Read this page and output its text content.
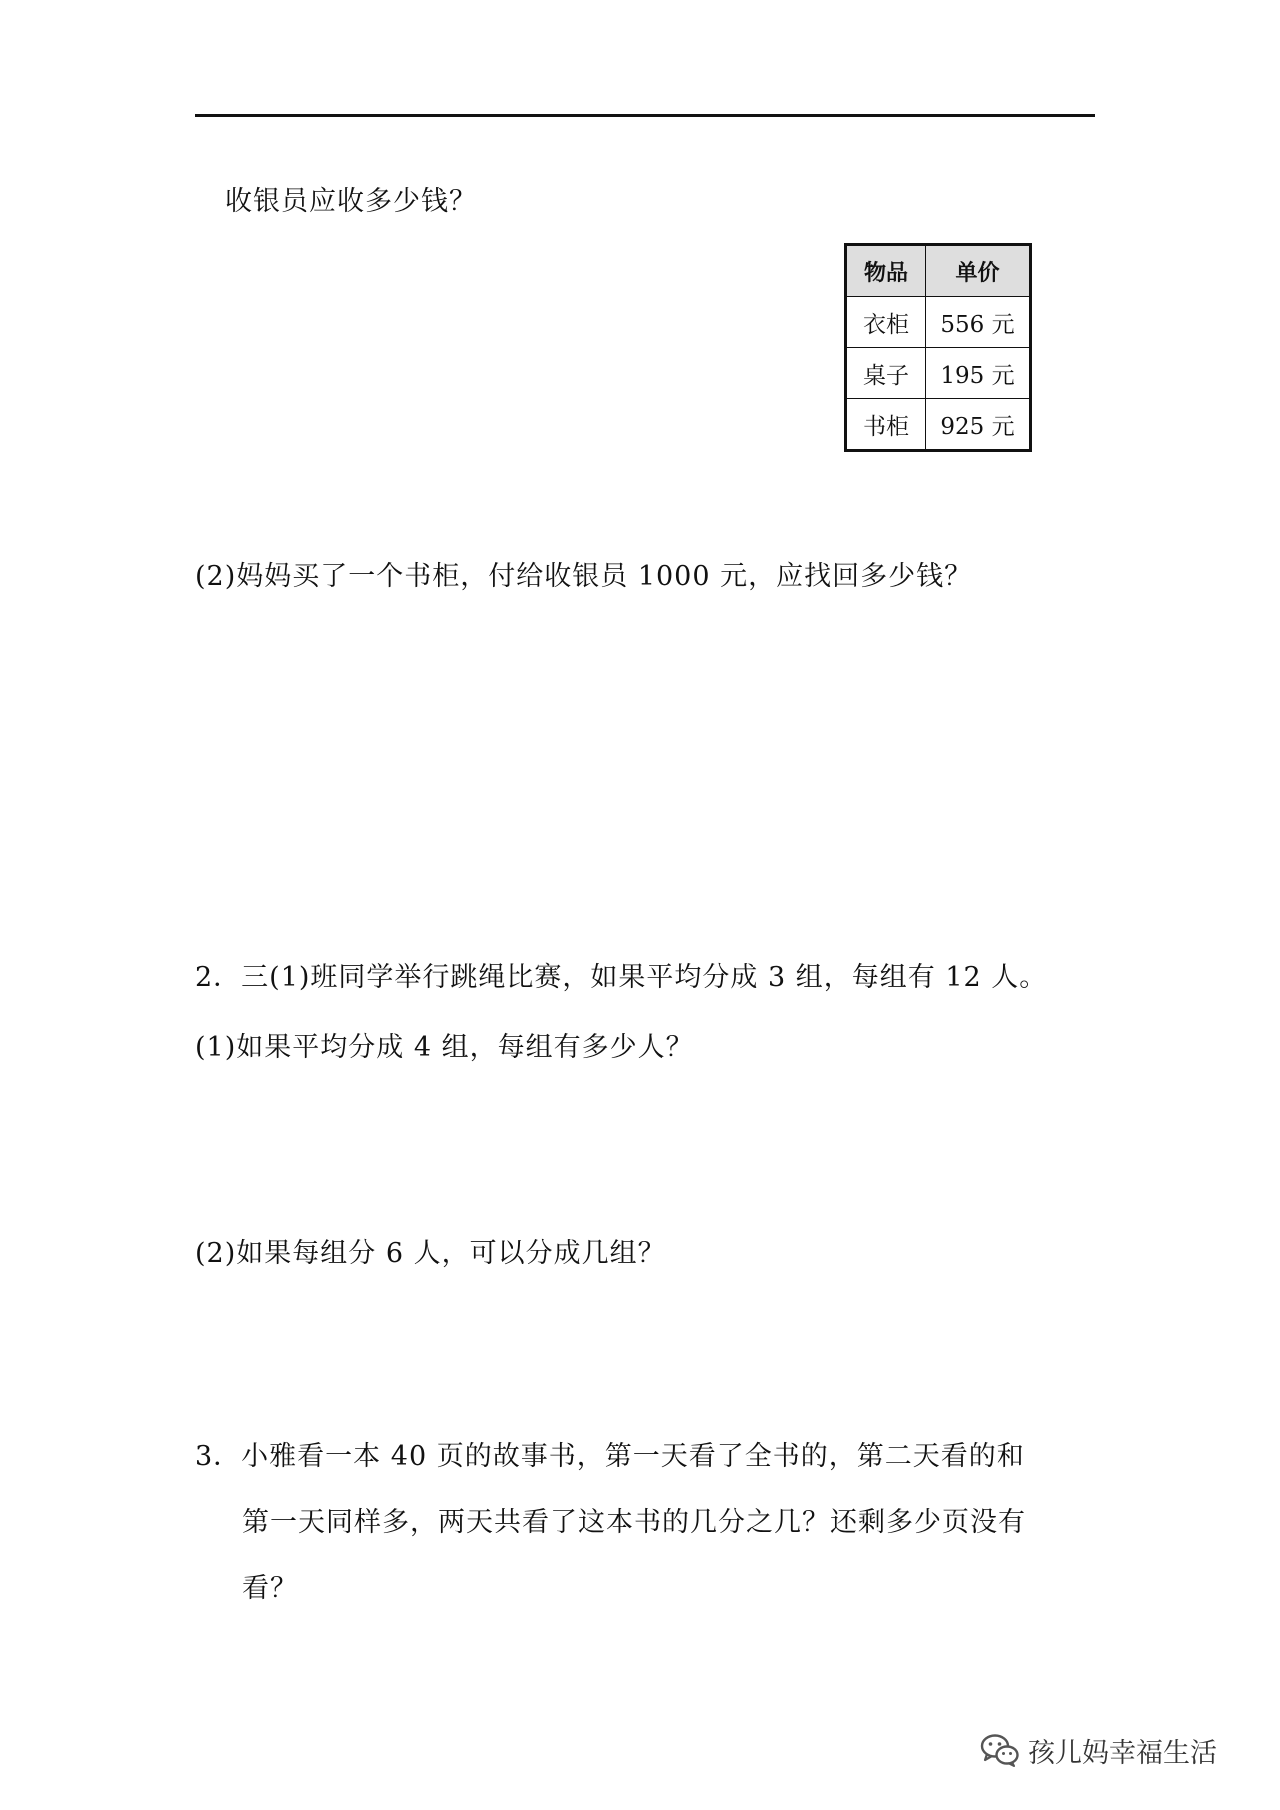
收银员应收多少钱？
物品	单价
衣柜	556 元
桌子	195 元
书柜	925 元
(2)妈妈买了一个书柜，付给收银员 1000 元，应找回多少钱？
2．三(1)班同学举行跳绳比赛，如果平均分成 3 组，每组有 12 人。
(1)如果平均分成 4 组，每组有多少人？
(2)如果每组分 6 人，可以分成几组？
3．小雅看一本 40 页的故事书，第一天看了全书的，第二天看的和
第一天同样多，两天共看了这本书的几分之几？还剩多少页没有
看？
孩儿妈幸福生活
